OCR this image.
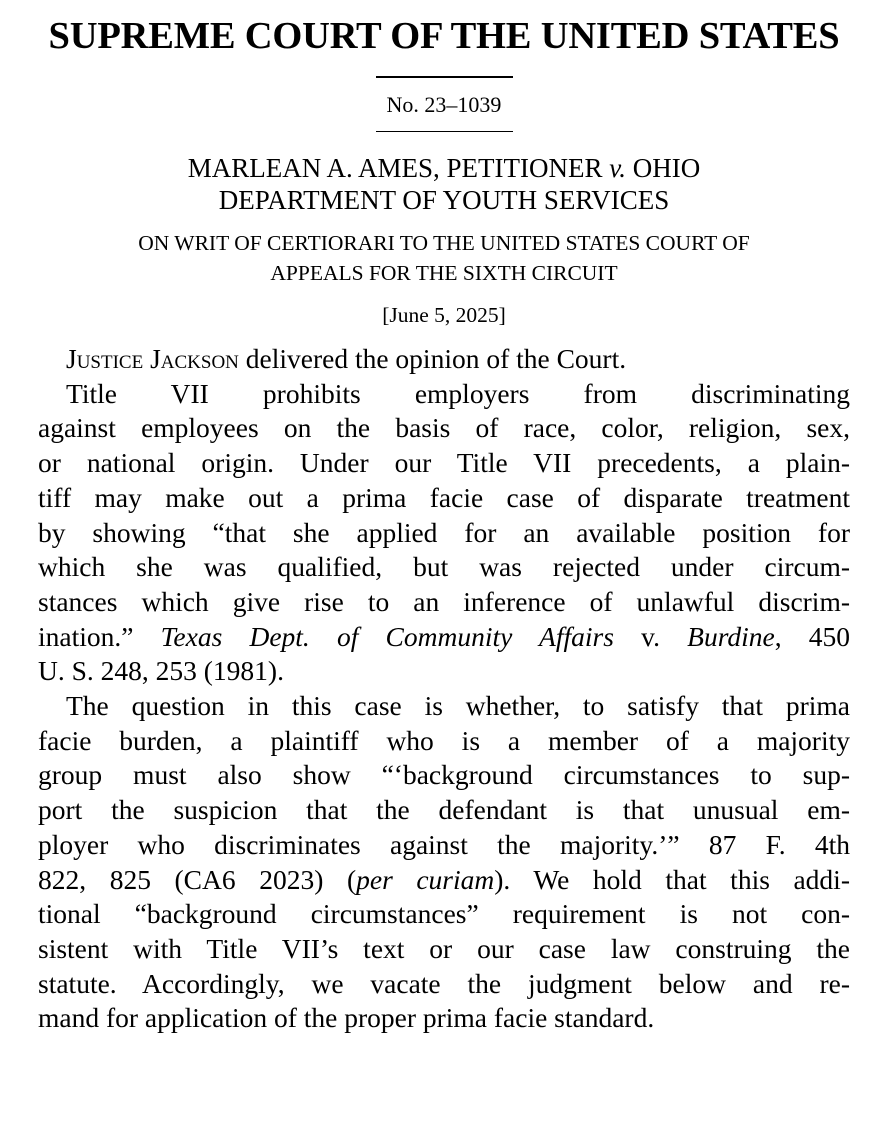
SUPREME COURT OF THE UNITED STATES
No. 23–1039
MARLEAN A. AMES, PETITIONER v. OHIO
DEPARTMENT OF YOUTH SERVICES
ON WRIT OF CERTIORARI TO THE UNITED STATES COURT OF
APPEALS FOR THE SIXTH CIRCUIT
[June 5, 2025]

Justice Jackson delivered the opinion of the Court.

Title VII prohibits employers from discriminating
against employees on the basis of race, color, religion, sex,
or national origin. Under our Title VII precedents, a plain-
tiff may make out a prima facie case of disparate treatment
by showing “that she applied for an available position for
which she was qualified, but was rejected under circum-
stances which give rise to an inference of unlawful discrim-
ination.” Texas Dept. of Community Affairs v. Burdine, 450
U. S. 248, 253 (1981).
The question in this case is whether, to satisfy that prima
facie burden, a plaintiff who is a member of a majority
group must also show “‘background circumstances to sup-
port the suspicion that the defendant is that unusual em-
ployer who discriminates against the majority.’” 87 F. 4th
822, 825 (CA6 2023) (per curiam). We hold that this addi-
tional “background circumstances” requirement is not con-
sistent with Title VII’s text or our case law construing the
statute. Accordingly, we vacate the judgment below and re-
mand for application of the proper prima facie standard.
